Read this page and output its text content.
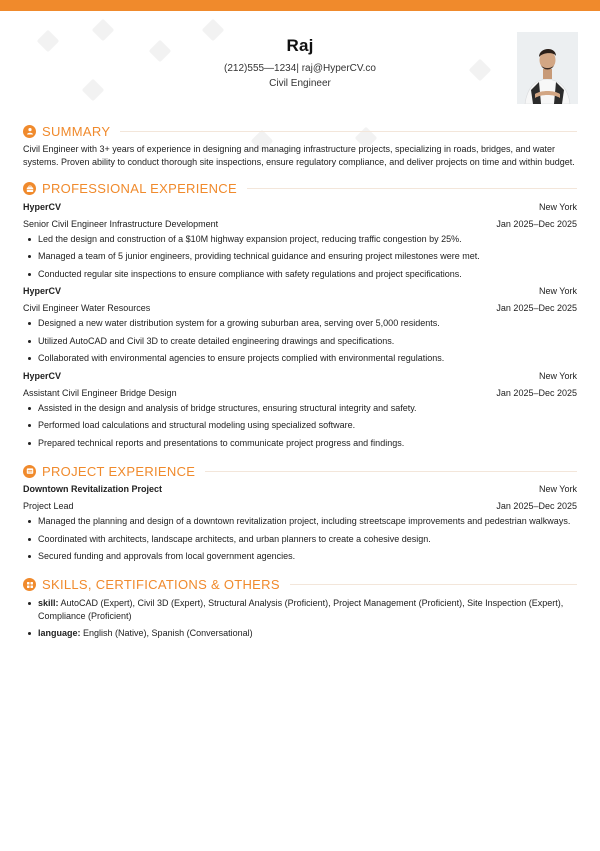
Raj
(212)555—1234| raj@HyperCV.co
Civil Engineer
SUMMARY
Civil Engineer with 3+ years of experience in designing and managing infrastructure projects, specializing in roads, bridges, and water systems. Proven ability to conduct thorough site inspections, ensure regulatory compliance, and deliver projects on time and within budget.
PROFESSIONAL EXPERIENCE
HyperCV	New York
Senior Civil Engineer Infrastructure Development	Jan 2025–Dec 2025
Led the design and construction of a $10M highway expansion project, reducing traffic congestion by 25%.
Managed a team of 5 junior engineers, providing technical guidance and ensuring project milestones were met.
Conducted regular site inspections to ensure compliance with safety regulations and project specifications.
HyperCV	New York
Civil Engineer Water Resources	Jan 2025–Dec 2025
Designed a new water distribution system for a growing suburban area, serving over 5,000 residents.
Utilized AutoCAD and Civil 3D to create detailed engineering drawings and specifications.
Collaborated with environmental agencies to ensure projects complied with environmental regulations.
HyperCV	New York
Assistant Civil Engineer Bridge Design	Jan 2025–Dec 2025
Assisted in the design and analysis of bridge structures, ensuring structural integrity and safety.
Performed load calculations and structural modeling using specialized software.
Prepared technical reports and presentations to communicate project progress and findings.
PROJECT EXPERIENCE
Downtown Revitalization Project	New York
Project Lead	Jan 2025–Dec 2025
Managed the planning and design of a downtown revitalization project, including streetscape improvements and pedestrian walkways.
Coordinated with architects, landscape architects, and urban planners to create a cohesive design.
Secured funding and approvals from local government agencies.
SKILLS, CERTIFICATIONS & OTHERS
skill: AutoCAD (Expert), Civil 3D (Expert), Structural Analysis (Proficient), Project Management (Proficient), Site Inspection (Expert), Compliance (Proficient)
language: English (Native), Spanish (Conversational)
